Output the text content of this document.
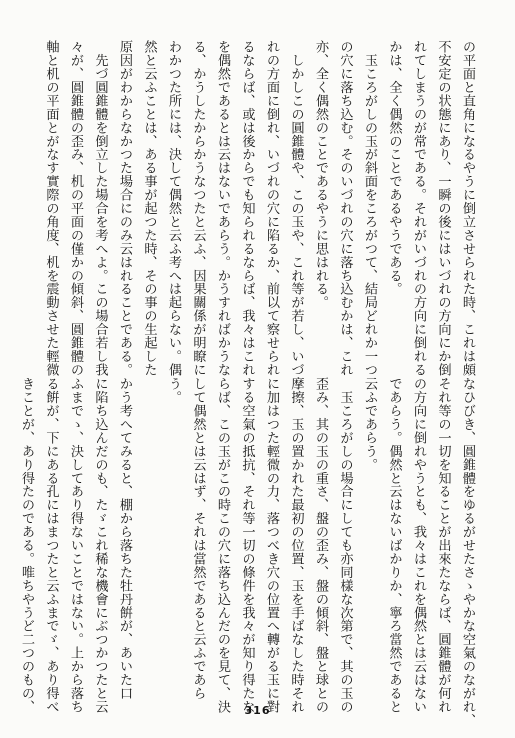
の平面と直角になるやうに倒立させられた時、これは頗
不安定の状態にあり、一瞬の後にはいづれの方向にか倒
れてしまうのが常である。それがいづれの方向に倒れる
かは、全く偶然のことであるやうである。
　玉ころがしの玉が斜面をころがつて、結局どれか一つ
の穴に落ち込む。そのいづれの穴に落ち込むかは、これ
亦、全く偶然のことであるやうに思はれる。
　しかしこの圓錐體や、この玉や、これ等が若し、いづ
れの方面に倒れ、いづれの穴に陷るか、前以て察せられ
るならば、或は後からでも知られるならば、我々はこれ
を偶然であるとは云はないであらう。かうすればかうな
る、かうしたからかうなつたと云ふ、因果關係が明瞭に
わかつた所には、決して偶然と云ふ考へは起らない。偶
然と云ふことは、ある事が起つた時、その事の生起した
原因がわからなかつた場合にのみ云はれることである。
　先づ圓錐體を倒立した場合を考へよ。この場合若し我
々が、圓錐體の歪み、机の平面の僅かの傾斜、圓錐體の
軸と机の平面とがなす實際の角度、机を震動させた輕微
なひびき、圓錐體をゆるがせたさゝやかな空氣のながれ、
それ等の一切を知ることが出來たならば、圓錐體が何れ
の方向に倒れやうとも、我々はこれを偶然とは云はない
であらう。偶然と云はないばかりか、寧ろ當然であると
云ふであらう。
　玉ころがしの場合にしても亦同樣な次第で、其の玉の
歪み、其の玉の重さ、盤の歪み、盤の傾斜、盤と球との
摩擦、玉の置かれた最初の位置、玉を手ばなした時それ
に加はつた輕微の力、落つべき穴の位置へ轉がる玉に對
する空氣の抵抗、それ等一切の條件を我々が知り得たな
らば、この玉がこの時この穴に落ち込んだのを見て、決
して偶然とは云はず、それは當然であると云ふであら
う。

かう考へてみると、棚から落ちた牡丹餠が、あいた口
に陷ち込んだのも、たゞこれ稀な機會にぶつかつたと云
ふまでゝ、決してあり得ないことではない。上から落ち
る餠が、下にある孔にはまつたと云ふまでゞ、あり得べ
きことが、あり得たのである。唯ちやうど二つのもの、	316
